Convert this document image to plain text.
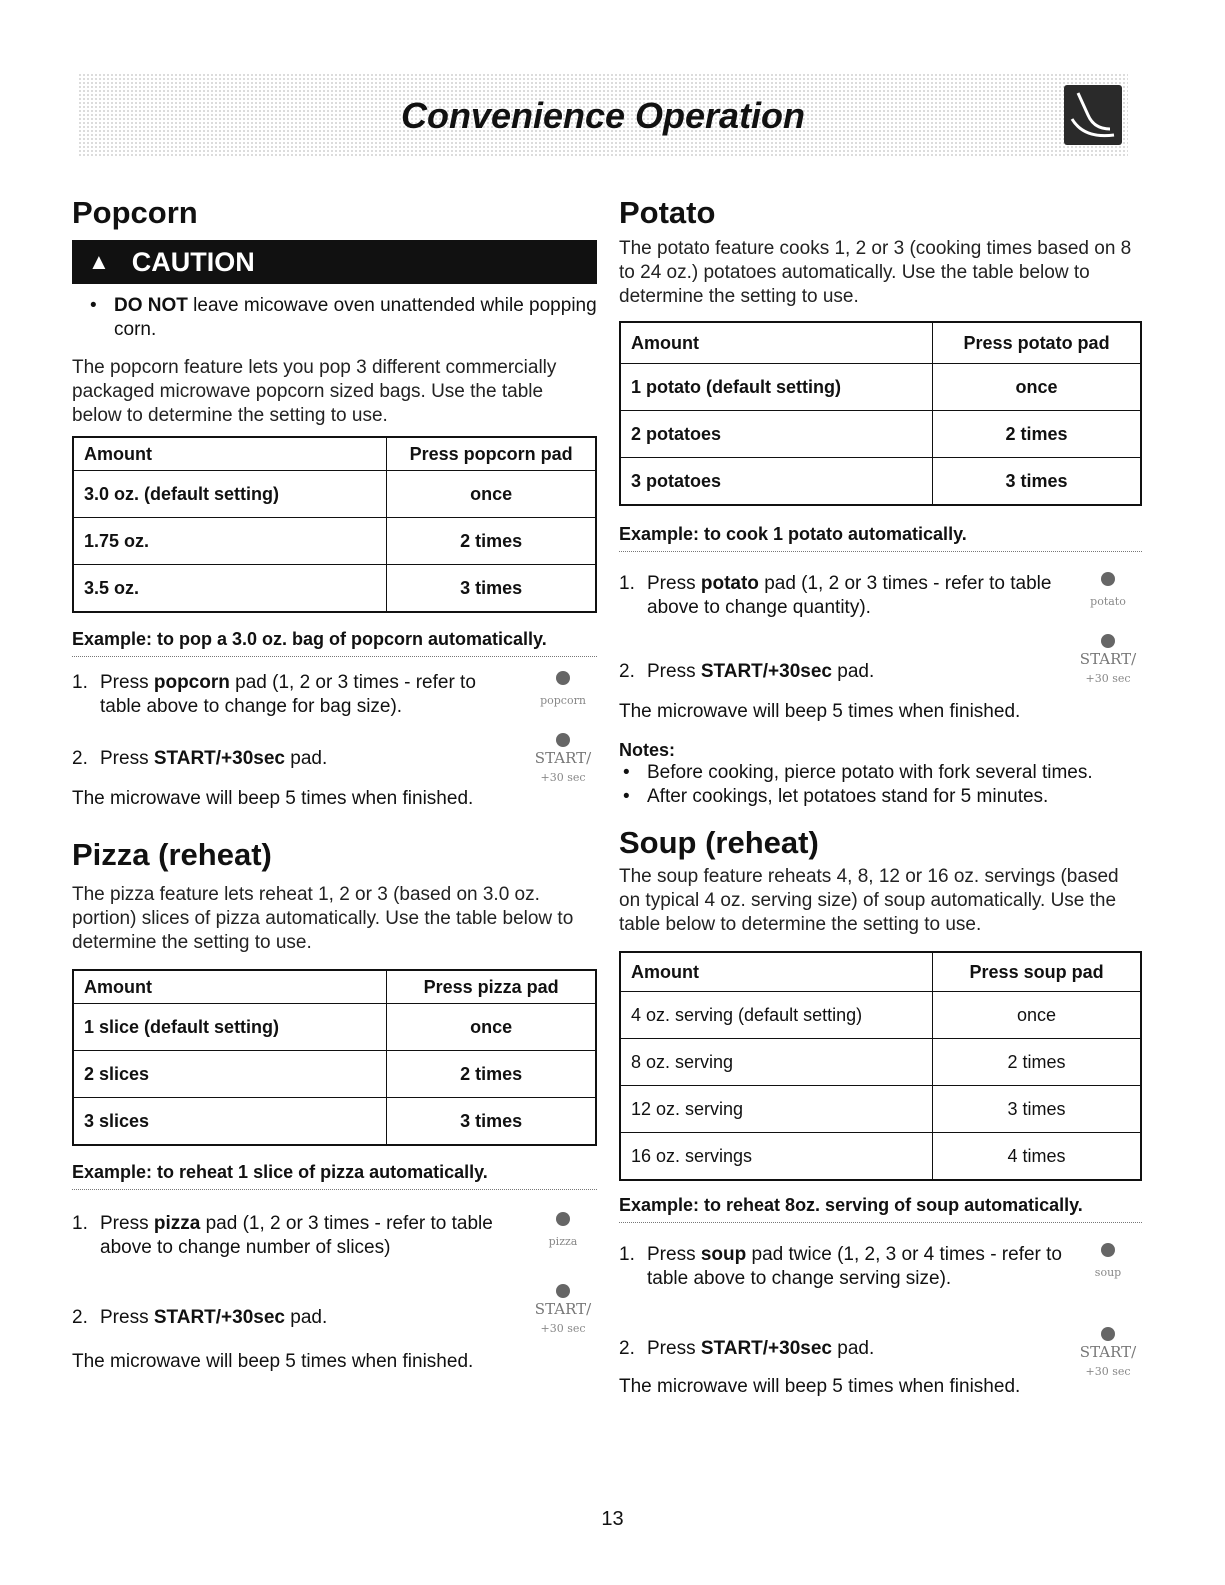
Convenience Operation
Popcorn
▲ CAUTION
• DO NOT leave micowave oven unattended while popping corn.

The popcorn feature lets you pop 3 different commercially packaged microwave popcorn sized bags. Use the table below to determine the setting to use.

Amount	Press popcorn pad
3.0 oz. (default setting)	once
1.75 oz.	2 times
3.5 oz.	3 times
Example: to pop a 3.0 oz. bag of popcorn automatically.
1. Press popcorn pad (1, 2 or 3 times - refer to table above to change for bag size).	popcorn
2. Press START/+30sec pad.	START/
+30 sec
The microwave will beep 5 times when finished.
Pizza (reheat)

The pizza feature lets reheat 1, 2 or 3 (based on 3.0 oz. portion) slices of pizza automatically. Use the table below to determine the setting to use.

Amount	Press pizza pad
1 slice (default setting)	once
2 slices	2 times
3 slices	3 times
Example: to reheat 1 slice of pizza automatically.
1. Press pizza pad (1, 2 or 3 times - refer to table above to change number of slices)	pizza
2. Press START/+30sec pad.	START/
+30 sec
The microwave will beep 5 times when finished.
Potato

The potato feature cooks 1, 2 or 3 (cooking times based on 8 to 24 oz.) potatoes automatically. Use the table below to determine the setting to use.

Amount	Press potato pad
1 potato (default setting)	once
2 potatoes	2 times
3 potatoes	3 times
Example: to cook 1 potato automatically.
1. Press potato pad (1, 2 or 3 times - refer to table above to change quantity).	potato
2. Press START/+30sec pad.
START/
+30 sec
The microwave will beep 5 times when finished.
Notes:
• Before cooking, pierce potato with fork several times.
• After cookings, let potatoes stand for 5 minutes.
Soup (reheat)

The soup feature reheats 4, 8, 12 or 16 oz. servings (based on typical 4 oz. serving size) of soup automatically. Use the table below to determine the setting to use.

Amount	Press soup pad
4 oz. serving (default setting)	once
8 oz. serving	2 times
12 oz. serving	3 times
16 oz. servings	4 times
Example: to reheat 8oz. serving of soup automatically.
1. Press soup pad twice (1, 2, 3 or 4 times - refer to table above to change serving size).	soup
2. Press START/+30sec pad.	START/
+30 sec
The microwave will beep 5 times when finished.
13
